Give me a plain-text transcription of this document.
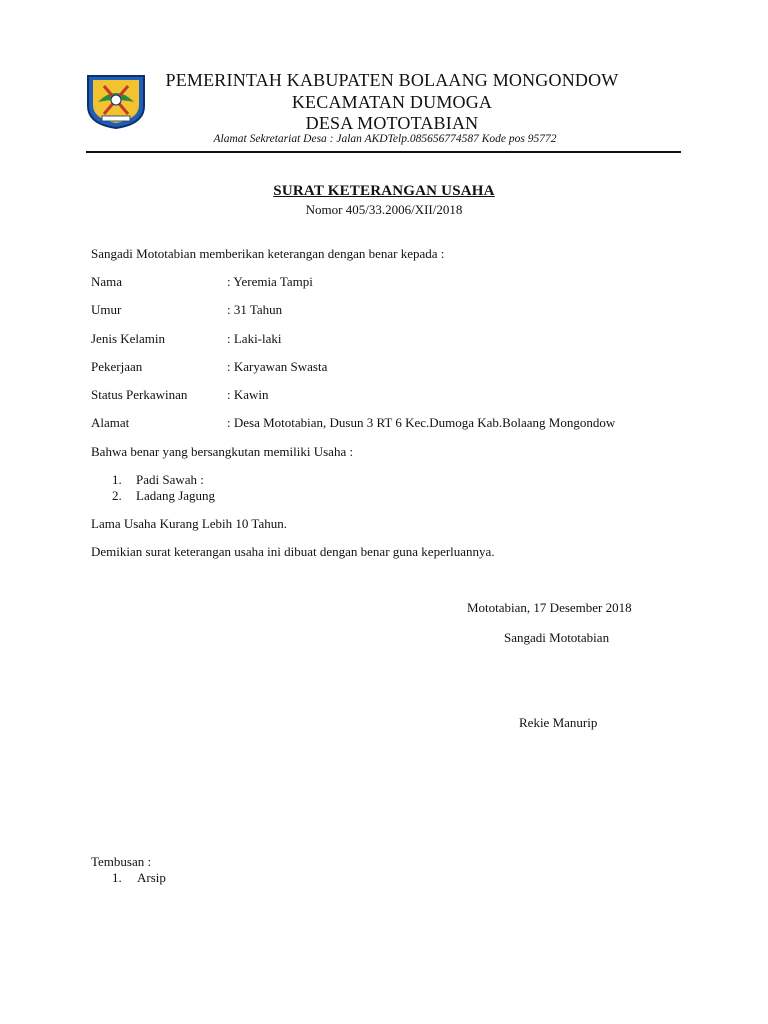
PEMERINTAH KABUPATEN BOLAANG MONGONDOW
KECAMATAN DUMOGA
DESA MOTOTABIAN
Alamat Sekretariat Desa : Jalan AKDTelp.085656774587 Kode pos 95772
SURAT KETERANGAN USAHA
Nomor 405/33.2006/XII/2018
Sangadi Mototabian memberikan keterangan dengan benar kepada :
Nama	: Yeremia Tampi
Umur	: 31 Tahun
Jenis Kelamin	: Laki-laki
Pekerjaan	: Karyawan Swasta
Status Perkawinan	: Kawin
Alamat	: Desa Mototabian, Dusun 3 RT 6 Kec.Dumoga Kab.Bolaang Mongondow
Bahwa benar yang bersangkutan memiliki Usaha :
1. Padi Sawah :
2. Ladang Jagung
Lama Usaha Kurang Lebih 10 Tahun.
Demikian surat keterangan usaha ini dibuat dengan benar guna keperluannya.
Mototabian, 17 Desember 2018
Sangadi Mototabian
Rekie Manurip
Tembusan :
1. Arsip
